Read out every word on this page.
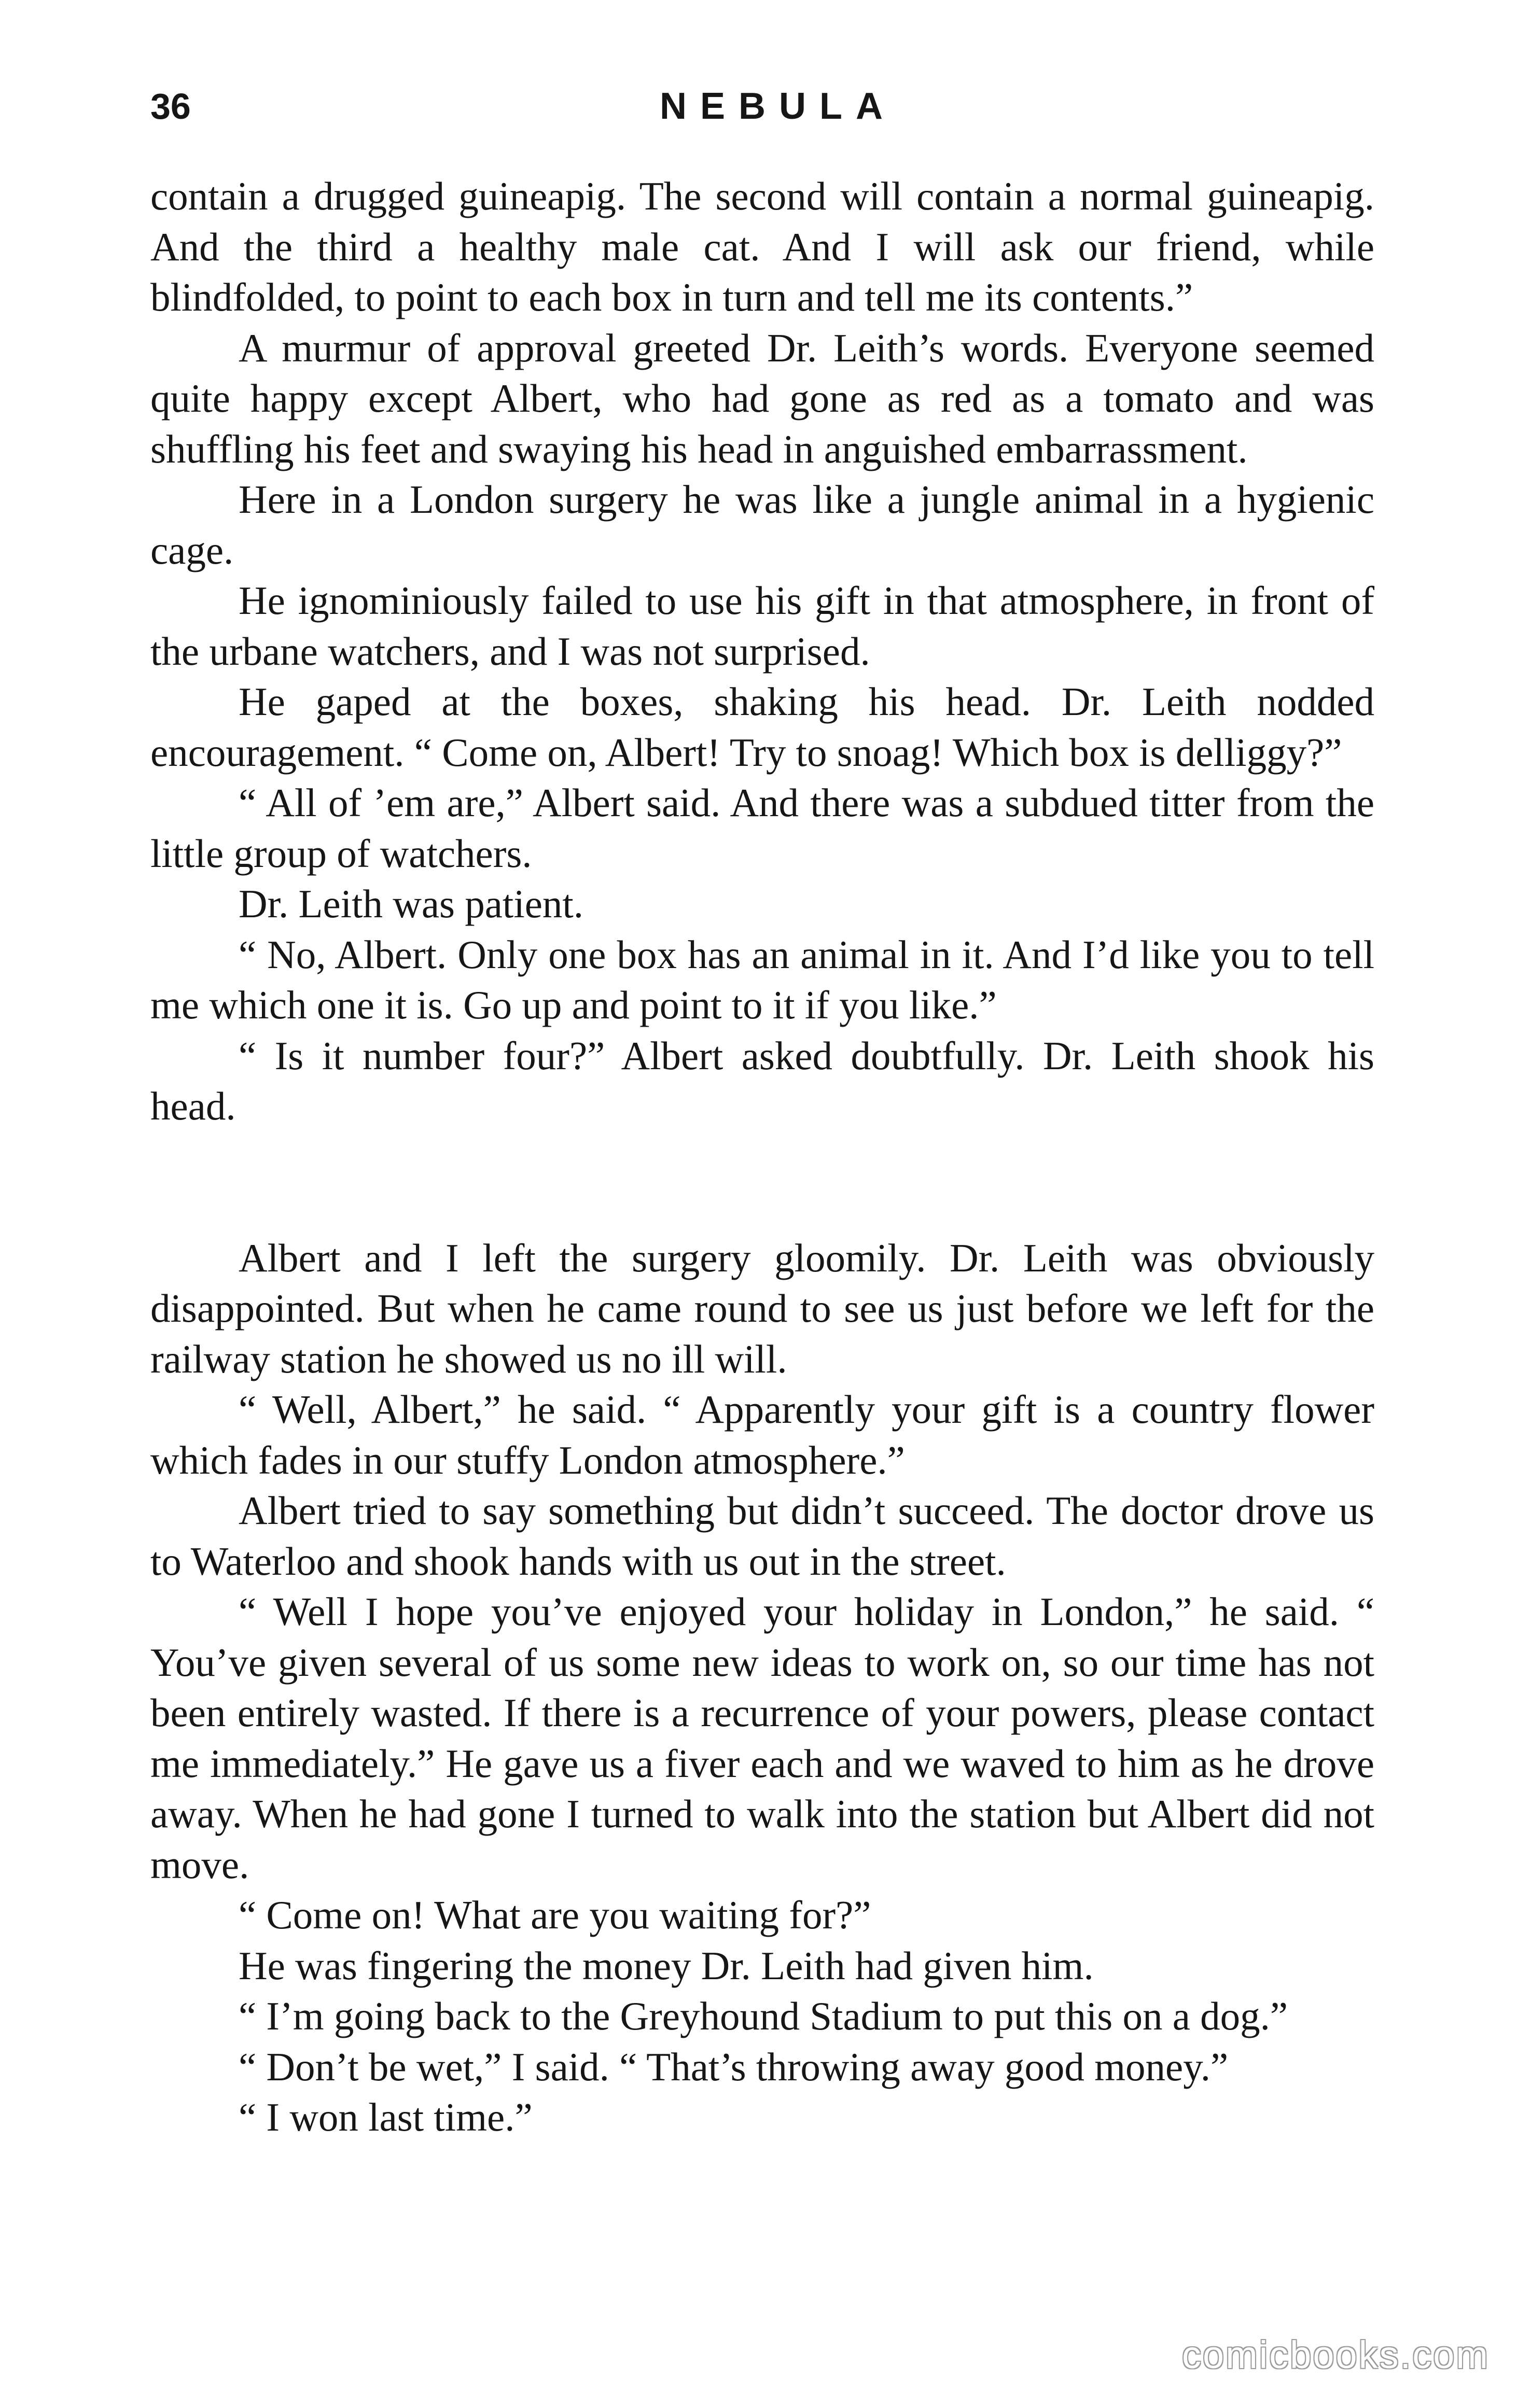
36	NEBULA

contain a drugged guineapig. The second will contain a normal guineapig. And the third a healthy male cat. And I will ask our friend, while blindfolded, to point to each box in turn and tell me its contents.”

A murmur of approval greeted Dr. Leith’s words. Everyone seemed quite happy except Albert, who had gone as red as a tomato and was shuffling his feet and swaying his head in anguished embarrassment.

Here in a London surgery he was like a jungle animal in a hygienic cage.

He ignominiously failed to use his gift in that atmosphere, in front of the urbane watchers, and I was not surprised.

He gaped at the boxes, shaking his head. Dr. Leith nodded encouragement. “ Come on, Albert! Try to snoag! Which box is delliggy?”

“ All of ’em are,” Albert said. And there was a subdued titter from the little group of watchers.

Dr. Leith was patient.

“ No, Albert. Only one box has an animal in it. And I’d like you to tell me which one it is. Go up and point to it if you like.”

“ Is it number four?” Albert asked doubtfully. Dr. Leith shook his head.

Albert and I left the surgery gloomily. Dr. Leith was obviously disappointed. But when he came round to see us just before we left for the railway station he showed us no ill will.

“ Well, Albert,” he said. “ Apparently your gift is a country flower which fades in our stuffy London atmosphere.”

Albert tried to say something but didn’t succeed. The doctor drove us to Waterloo and shook hands with us out in the street.

“ Well I hope you’ve enjoyed your holiday in London,” he said. “ You’ve given several of us some new ideas to work on, so our time has not been entirely wasted. If there is a recurrence of your powers, please contact me immediately.” He gave us a fiver each and we waved to him as he drove away. When he had gone I turned to walk into the station but Albert did not move.

“ Come on! What are you waiting for?”

He was fingering the money Dr. Leith had given him.

“ I’m going back to the Greyhound Stadium to put this on a dog.”

“ Don’t be wet,” I said. “ That’s throwing away good money.”

“ I won last time.”

comicbooks.com
